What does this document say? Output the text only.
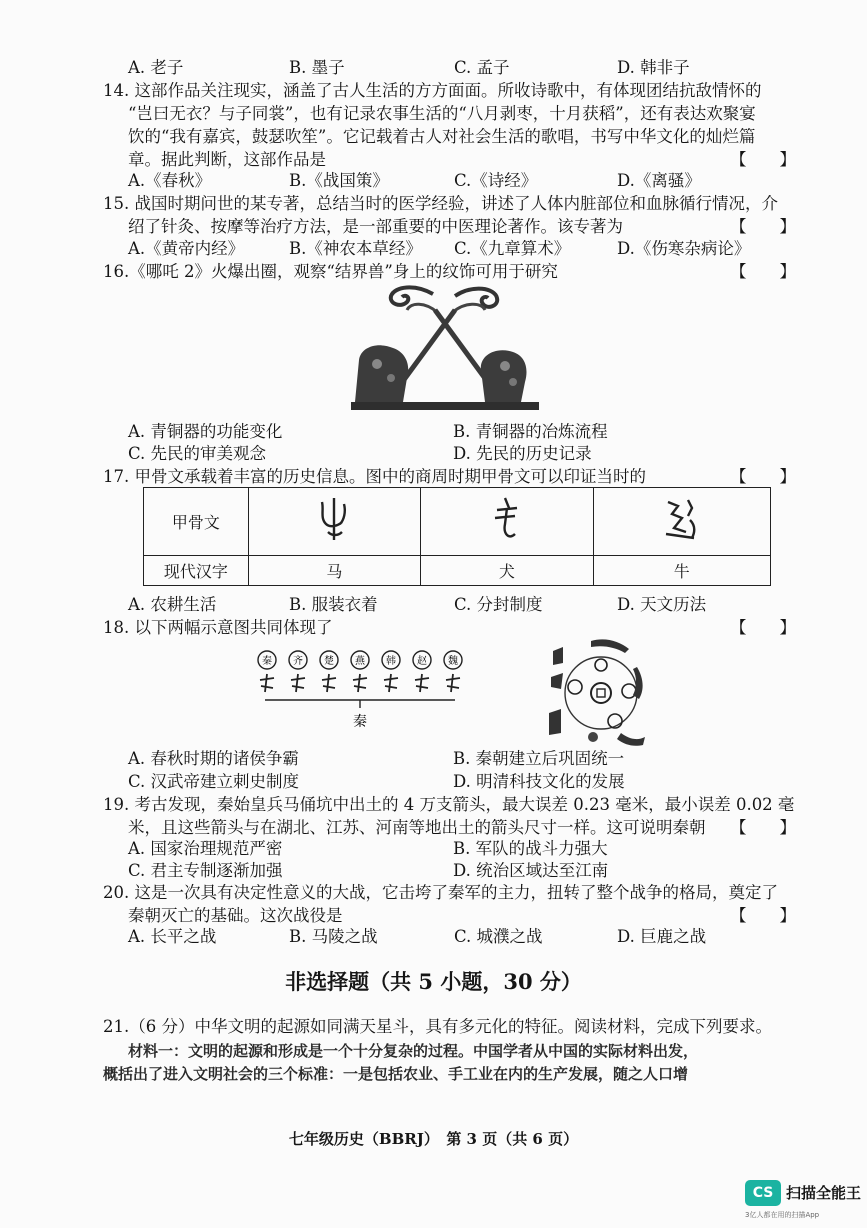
A. 老子	B. 墨子	C. 孟子	D. 韩非子
14. 这部作品关注现实，涵盖了古人生活的方方面面。所收诗歌中，有体现团结抗敌情怀的
“岂曰无衣？与子同裳”，也有记录农事生活的“八月剥枣，十月获稻”，还有表达欢聚宴
饮的“我有嘉宾，鼓瑟吹笙”。它记载着古人对社会生活的歌唱，书写中华文化的灿烂篇
章。据此判断，这部作品是	【　　】
A.《春秋》	B.《战国策》	C.《诗经》	D.《离骚》
15. 战国时期问世的某专著，总结当时的医学经验，讲述了人体内脏部位和血脉循行情况，介
绍了针灸、按摩等治疗方法，是一部重要的中医理论著作。该专著为	【　　】
A.《黄帝内经》	B.《神农本草经》 C.《九章算术》	D.《伤寒杂病论》
16.《哪吒 2》火爆出圈，观察“结界兽”身上的纹饰可用于研究	【　　】
A. 青铜器的功能变化	B. 青铜器的冶炼流程
C. 先民的审美观念	D. 先民的历史记录
17. 甲骨文承载着丰富的历史信息。图中的商周时期甲骨文可以印证当时的	【　　】
甲骨文			
现代汉字	马	犬	牛
A. 农耕生活	B. 服装衣着	C. 分封制度	D. 天文历法
18. 以下两幅示意图共同体现了	【　　】
秦 齐 楚 燕 韩 赵 魏
秦
A. 春秋时期的诸侯争霸	B. 秦朝建立后巩固统一
C. 汉武帝建立刺史制度	D. 明清科技文化的发展
19. 考古发现，秦始皇兵马俑坑中出土的 4 万支箭头，最大误差 0.23 毫米，最小误差 0.02 毫
米，且这些箭头与在湖北、江苏、河南等地出土的箭头尺寸一样。这可说明秦朝 【　　】
A. 国家治理规范严密	B. 军队的战斗力强大
C. 君主专制逐渐加强	D. 统治区域达至江南
20. 这是一次具有决定性意义的大战，它击垮了秦军的主力，扭转了整个战争的格局，奠定了
秦朝灭亡的基础。这次战役是	【　　】
A. 长平之战	B. 马陵之战	C. 城濮之战	D. 巨鹿之战
非选择题（共 5 小题，30 分）
21.（6 分）中华文明的起源如同满天星斗，具有多元化的特征。阅读材料，完成下列要求。
材料一：文明的起源和形成是一个十分复杂的过程。中国学者从中国的实际材料出发，
概括出了进入文明社会的三个标准：一是包括农业、手工业在内的生产发展，随之人口增
七年级历史（BBRJ）　第 3 页（共 6 页）
CS 扫描全能王
3亿人都在用的扫描App
